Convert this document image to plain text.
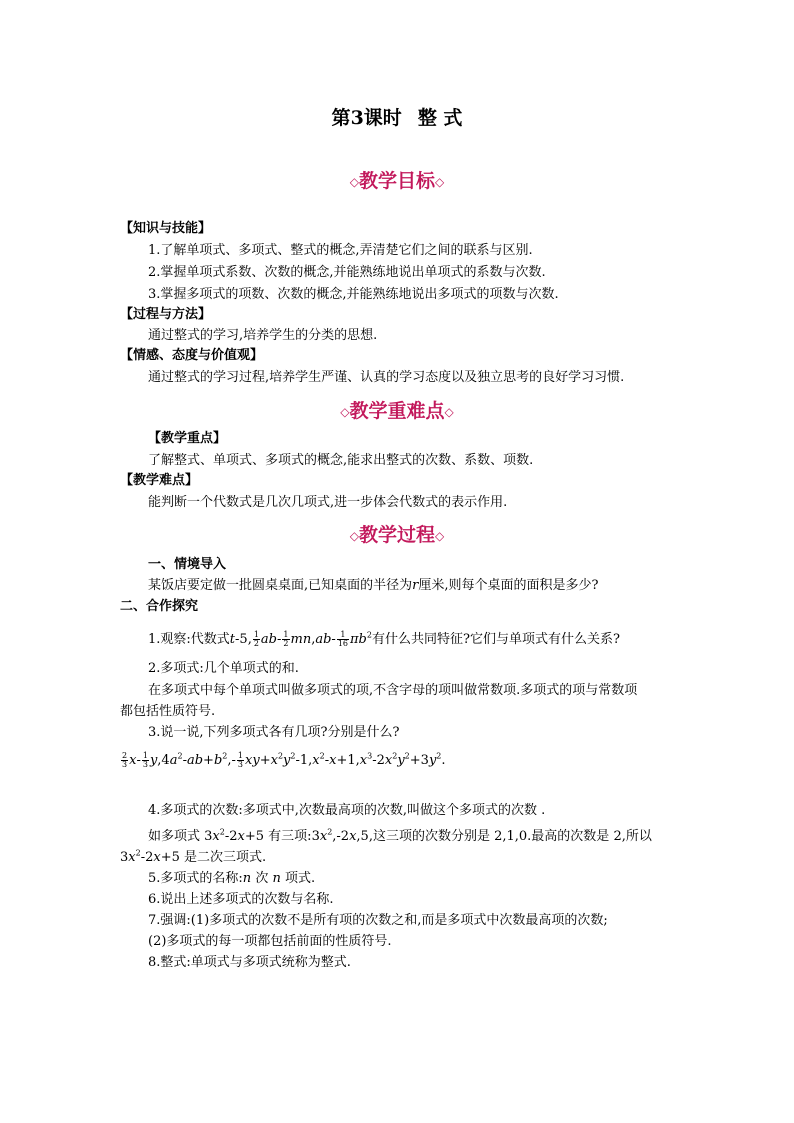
第3课时 整 式
◇教学目标◇
【知识与技能】
1.了解单项式、多项式、整式的概念,弄清楚它们之间的联系与区别.
2.掌握单项式系数、次数的概念,并能熟练地说出单项式的系数与次数.
3.掌握多项式的项数、次数的概念,并能熟练地说出多项式的项数与次数.
【过程与方法】
通过整式的学习,培养学生的分类的思想.
【情感、态度与价值观】
通过整式的学习过程,培养学生严谨、认真的学习态度以及独立思考的良好学习习惯.
◇教学重难点◇
【教学重点】
了解整式、单项式、多项式的概念,能求出整式的次数、系数、项数.
【教学难点】
能判断一个代数式是几次几项式,进一步体会代数式的表示作用.
◇教学过程◇
一、情境导入
某饭店要定做一批圆桌桌面,已知桌面的半径为r厘米,则每个桌面的面积是多少?
二、合作探究
1.观察:代数式t-5, $\frac{1}{2} ab- \frac{1}{2} mn,ab- \frac{1}{16} \pi b^2$有什么共同特征?它们与单项式有什么关系?
2.多项式:几个单项式的和.
在多项式中每个单项式叫做多项式的项,不含字母的项叫做常数项.多项式的项与常数项
都包括性质符号.
3.说一说,下列多项式各有几项?分别是什么?
$\frac{2}{3} x- \frac{1}{3} y,4a^2-ab+b^2,- \frac{1}{3} xy+x^2y^2-1,x^2-x+1,x^3-2x^2y^2+3y^2$.
4.多项式的次数:多项式中,次数最高项的次数,叫做这个多项式的次数 .
如多项式 $3x^2-2x+5$ 有三项$:3x^2,-2x,5$,这三项的次数分别是 2,1,0.最高的次数是 2,所以
$3x^2-2x+5$ 是二次三项式.
5.多项式的名称:n 次 n 项式.
6.说出上述多项式的次数与名称.
7.强调:(1)多项式的次数不是所有项的次数之和,而是多项式中次数最高项的次数;
(2)多项式的每一项都包括前面的性质符号.
8.整式:单项式与多项式统称为整式.
